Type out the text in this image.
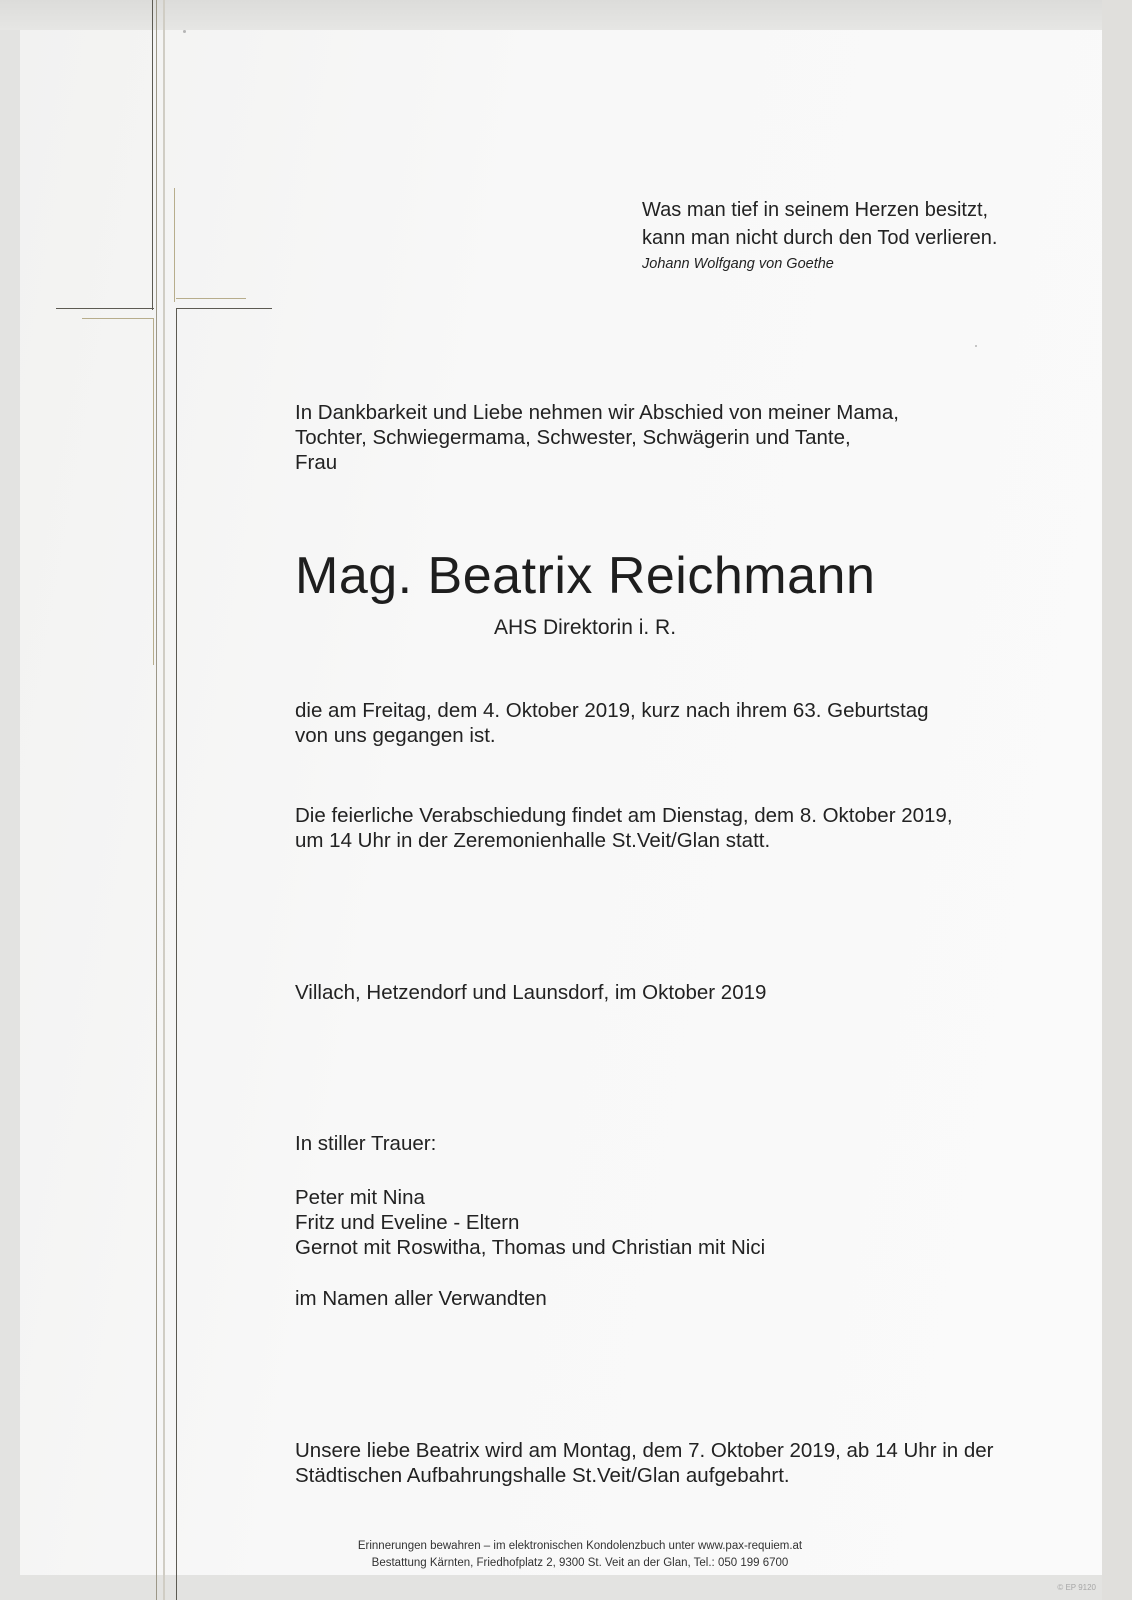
Was man tief in seinem Herzen besitzt,
kann man nicht durch den Tod verlieren.
Johann Wolfgang von Goethe
In Dankbarkeit und Liebe nehmen wir Abschied von meiner Mama,
Tochter, Schwiegermama, Schwester, Schwägerin und Tante,
Frau
Mag. Beatrix Reichmann
AHS Direktorin i. R.
die am Freitag, dem 4. Oktober 2019, kurz nach ihrem 63. Geburtstag
von uns gegangen ist.
Die feierliche Verabschiedung findet am Dienstag, dem 8. Oktober 2019,
um 14 Uhr in der Zeremonienhalle St.Veit/Glan statt.
Villach, Hetzendorf und Launsdorf, im Oktober 2019
In stiller Trauer:
Peter mit Nina
Fritz und Eveline - Eltern
Gernot mit Roswitha, Thomas und Christian mit Nici
im Namen aller Verwandten
Unsere liebe Beatrix wird am Montag, dem 7. Oktober 2019, ab 14 Uhr in der
Städtischen Aufbahrungshalle St.Veit/Glan aufgebahrt.
Erinnerungen bewahren – im elektronischen Kondolenzbuch unter www.pax-requiem.at
Bestattung Kärnten, Friedhofplatz 2, 9300 St. Veit an der Glan, Tel.: 050 199 6700
© EP 9120
